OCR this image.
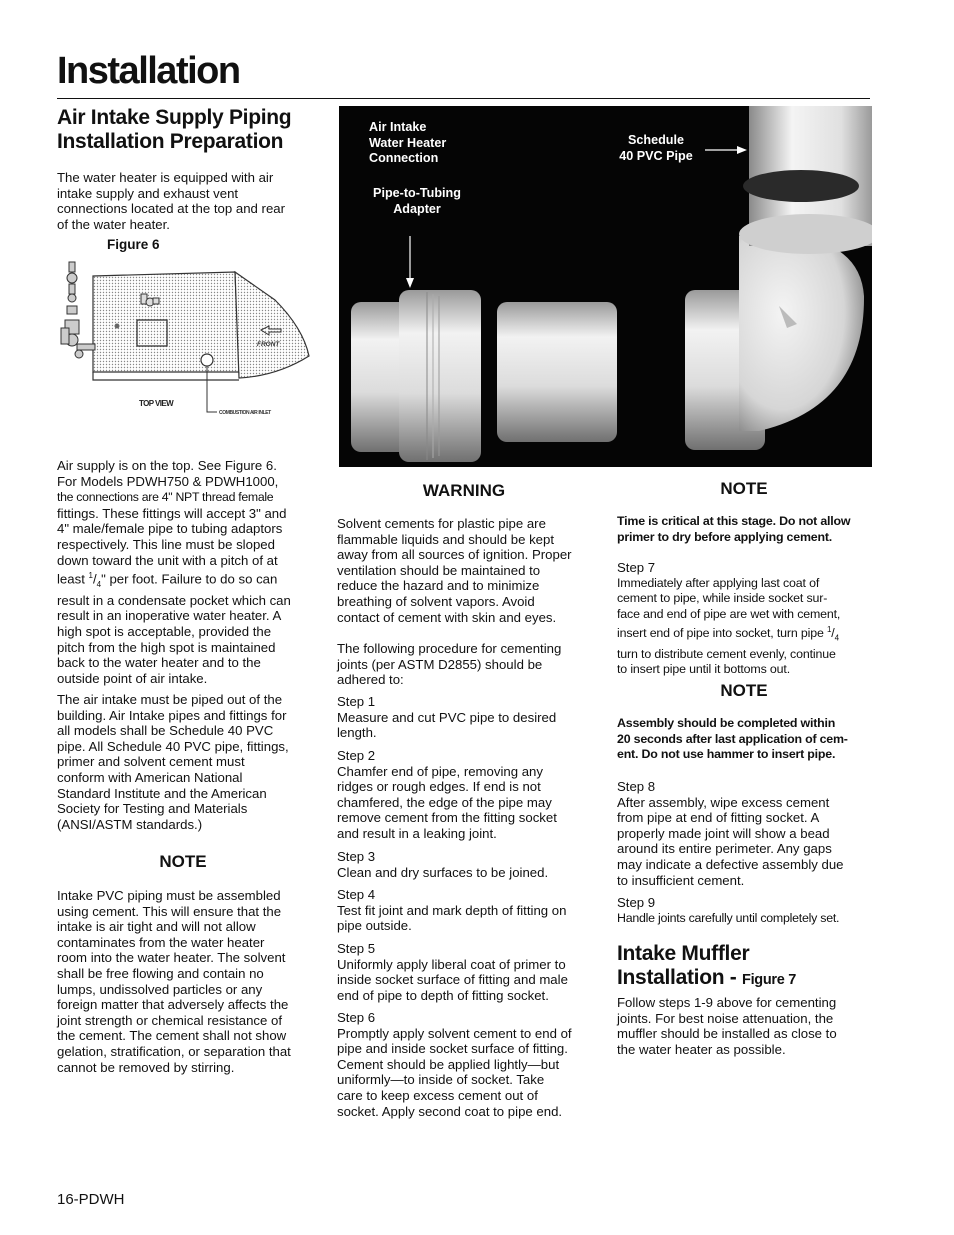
Installation

Air Intake Supply Piping
Installation Preparation

The water heater is equipped with air
intake supply and exhaust vent
connections located at the top and rear
of the water heater.

Figure 6
FRONT
TOP VIEW
COMBUSTION AIR INLET

Air supply is on the top. See Figure 6.
For Models PDWH750 & PDWH1000,
the connections are 4" NPT thread female
fittings. These fittings will accept 3" and
4" male/female pipe to tubing adaptors
respectively. This line must be sloped
down toward the unit with a pitch of at
least $^1/_4$" per foot. Failure to do so can
result in a condensate pocket which can
result in an inoperative water heater. A
high spot is acceptable, provided the
pitch from the high spot is maintained
back to the water heater and to the
outside point of air intake.

The air intake must be piped out of the
building. Air Intake pipes and fittings for
all models shall be Schedule 40 PVC
pipe. All Schedule 40 PVC pipe, fittings,
primer and solvent cement must
conform with American National
Standard Institute and the American
Society for Testing and Materials
(ANSI/ASTM standards.)

NOTE

Intake PVC piping must be assembled
using cement. This will ensure that the
intake is air tight and will not allow
contaminates from the water heater
room into the water heater. The solvent
shall be free flowing and contain no
lumps, undissolved particles or any
foreign matter that adversely affects the
joint strength or chemical resistance of
the cement. The cement shall not show
gelation, stratification, or separation that
cannot be removed by stirring.

Air Intake
Water Heater
Connection
Pipe-to-Tubing
Adapter
Schedule
40 PVC Pipe

WARNING

Solvent cements for plastic pipe are
flammable liquids and should be kept
away from all sources of ignition. Proper
ventilation should be maintained to
reduce the hazard and to minimize
breathing of solvent vapors. Avoid
contact of cement with skin and eyes.

The following procedure for cementing
joints (per ASTM D2855) should be
adhered to:

Step 1
Measure and cut PVC pipe to desired
length.

Step 2
Chamfer end of pipe, removing any
ridges or rough edges. If end is not
chamfered, the edge of the pipe may
remove cement from the fitting socket
and result in a leaking joint.

Step 3
Clean and dry surfaces to be joined.

Step 4
Test fit joint and mark depth of fitting on
pipe outside.

Step 5
Uniformly apply liberal coat of primer to
inside socket surface of fitting and male
end of pipe to depth of fitting socket.

Step 6
Promptly apply solvent cement to end of
pipe and inside socket surface of fitting.
Cement should be applied lightly—but
uniformly—to inside of socket. Take
care to keep excess cement out of
socket. Apply second coat to pipe end.

NOTE

Time is critical at this stage. Do not allow
primer to dry before applying cement.

Step 7

Immediately after applying last coat of
cement to pipe, while inside socket sur-
face and end of pipe are wet with cement,
insert end of pipe into socket, turn pipe $^1/_4$
turn to distribute cement evenly, continue
to insert pipe until it bottoms out.

NOTE

Assembly should be completed within
20 seconds after last application of cem-
ent. Do not use hammer to insert pipe.

Step 8
After assembly, wipe excess cement
from pipe at end of fitting socket. A
properly made joint will show a bead
around its entire perimeter. Any gaps
may indicate a defective assembly due
to insufficient cement.

Step 9

Handle joints carefully until completely set.

Intake Muffler
Installation - Figure 7

Follow steps 1-9 above for cementing
joints. For best noise attenuation, the
muffler should be installed as close to
the water heater as possible.

16-PDWH
